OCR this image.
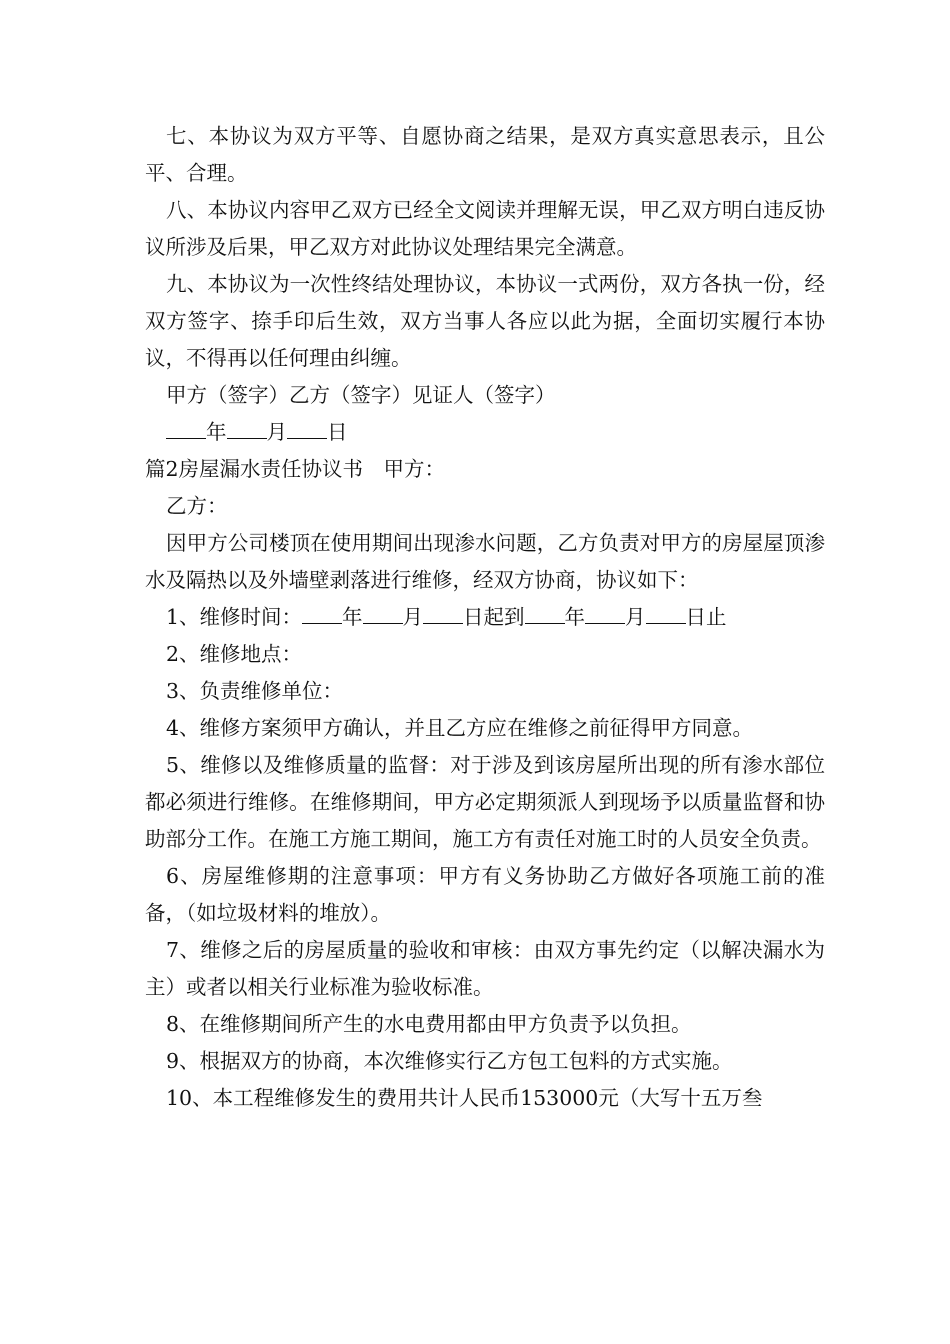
七、本协议为双方平等、自愿协商之结果，是双方真实意思表示，且公平、合理。

八、本协议内容甲乙双方已经全文阅读并理解无误，甲乙双方明白违反协议所涉及后果，甲乙双方对此协议处理结果完全满意。

九、本协议为一次性终结处理协议，本协议一式两份，双方各执一份，经双方签字、捺手印后生效，双方当事人各应以此为据，全面切实履行本协议，不得再以任何理由纠缠。

甲方（签字）乙方（签字）见证人（签字）

年 月 日

篇2房屋漏水责任协议书　甲方：

乙方：

因甲方公司楼顶在使用期间出现渗水问题，乙方负责对甲方的房屋屋顶渗水及隔热以及外墙壁剥落进行维修，经双方协商，协议如下：

1、维修时间： 年 月 日起到 年 月 日止

2、维修地点：

3、负责维修单位：

4、维修方案须甲方确认，并且乙方应在维修之前征得甲方同意。

5、维修以及维修质量的监督：对于涉及到该房屋所出现的所有渗水部位都必须进行维修。在维修期间，甲方必定期须派人到现场予以质量监督和协助部分工作。在施工方施工期间，施工方有责任对施工时的人员安全负责。

6、房屋维修期的注意事项：甲方有义务协助乙方做好各项施工前的准备，（如垃圾材料的堆放）。

7、维修之后的房屋质量的验收和审核：由双方事先约定（以解决漏水为主）或者以相关行业标准为验收标准。

8、在维修期间所产生的水电费用都由甲方负责予以负担。

9、根据双方的协商，本次维修实行乙方包工包料的方式实施。

10、本工程维修发生的费用共计人民币153000元（大写十五万叁
